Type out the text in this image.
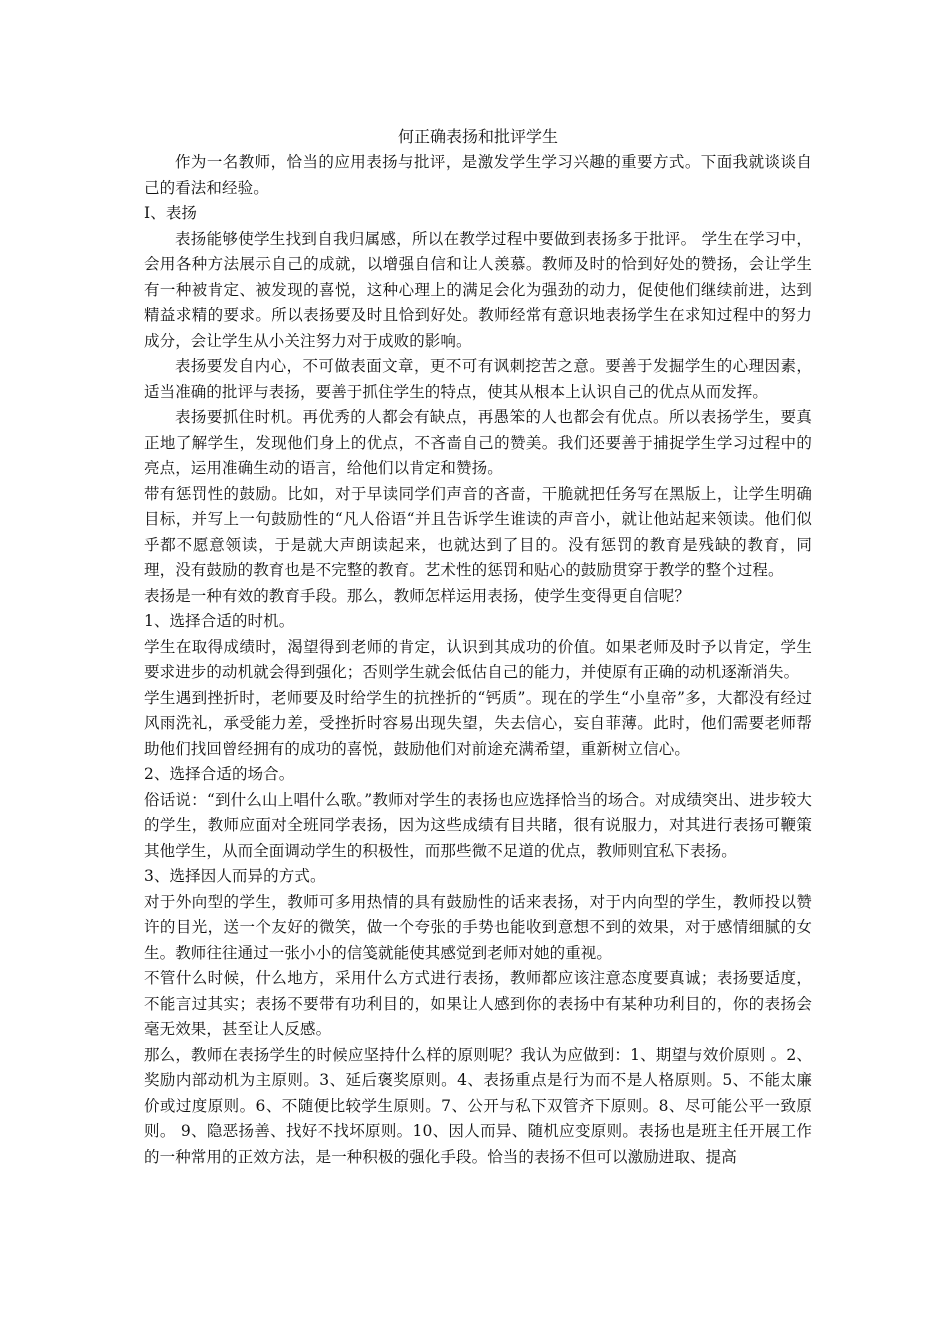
何正确表扬和批评学生

作为一名教师，恰当的应用表扬与批评，是激发学生学习兴趣的重要方式。下面我就谈谈自己的看法和经验。

Ⅰ、表扬

表扬能够使学生找到自我归属感，所以在教学过程中要做到表扬多于批评。 学生在学习中，会用各种方法展示自己的成就，以增强自信和让人羡慕。教师及时的恰到好处的赞扬，会让学生有一种被肯定、被发现的喜悦，这种心理上的满足会化为强劲的动力，促使他们继续前进，达到精益求精的要求。所以表扬要及时且恰到好处。教师经常有意识地表扬学生在求知过程中的努力成分，会让学生从小关注努力对于成败的影响。

表扬要发自内心，不可做表面文章，更不可有讽刺挖苦之意。要善于发掘学生的心理因素，适当准确的批评与表扬，要善于抓住学生的特点，使其从根本上认识自己的优点从而发挥。

表扬要抓住时机。再优秀的人都会有缺点，再愚笨的人也都会有优点。所以表扬学生，要真正地了解学生，发现他们身上的优点，不吝啬自己的赞美。我们还要善于捕捉学生学习过程中的亮点，运用准确生动的语言，给他们以肯定和赞扬。

带有惩罚性的鼓励。比如，对于早读同学们声音的吝啬，干脆就把任务写在黑版上，让学生明确目标，并写上一句鼓励性的“凡人俗语“并且告诉学生谁读的声音小，就让他站起来领读。他们似乎都不愿意领读，于是就大声朗读起来，也就达到了目的。没有惩罚的教育是残缺的教育，同理，没有鼓励的教育也是不完整的教育。艺术性的惩罚和贴心的鼓励贯穿于教学的整个过程。

表扬是一种有效的教育手段。那么，教师怎样运用表扬，使学生变得更自信呢？

1、选择合适的时机。

学生在取得成绩时，渴望得到老师的肯定，认识到其成功的价值。如果老师及时予以肯定，学生要求进步的动机就会得到强化；否则学生就会低估自己的能力，并使原有正确的动机逐渐消失。

学生遇到挫折时，老师要及时给学生的抗挫折的“钙质”。现在的学生“小皇帝”多，大都没有经过风雨洗礼，承受能力差，受挫折时容易出现失望，失去信心，妄自菲薄。此时，他们需要老师帮助他们找回曾经拥有的成功的喜悦，鼓励他们对前途充满希望，重新树立信心。

2、选择合适的场合。

俗话说：“到什么山上唱什么歌。”教师对学生的表扬也应选择恰当的场合。对成绩突出、进步较大的学生，教师应面对全班同学表扬，因为这些成绩有目共睹，很有说服力，对其进行表扬可鞭策其他学生，从而全面调动学生的积极性，而那些微不足道的优点，教师则宜私下表扬。

3、选择因人而异的方式。

对于外向型的学生，教师可多用热情的具有鼓励性的话来表扬，对于内向型的学生，教师投以赞许的目光，送一个友好的微笑，做一个夸张的手势也能收到意想不到的效果，对于感情细腻的女生。教师往往通过一张小小的信笺就能使其感觉到老师对她的重视。

不管什么时候，什么地方，采用什么方式进行表扬，教师都应该注意态度要真诚；表扬要适度，不能言过其实；表扬不要带有功利目的，如果让人感到你的表扬中有某种功利目的，你的表扬会毫无效果，甚至让人反感。

那么，教师在表扬学生的时候应坚持什么样的原则呢？我认为应做到：1、期望与效价原则 。2、奖励内部动机为主原则。3、延后褒奖原则。4、表扬重点是行为而不是人格原则。5、不能太廉价或过度原则。6、不随便比较学生原则。7、公开与私下双管齐下原则。8、尽可能公平一致原则。 9、隐恶扬善、找好不找坏原则。10、因人而异、随机应变原则。表扬也是班主任开展工作的一种常用的正效方法，是一种积极的强化手段。恰当的表扬不但可以激励进取、提高
